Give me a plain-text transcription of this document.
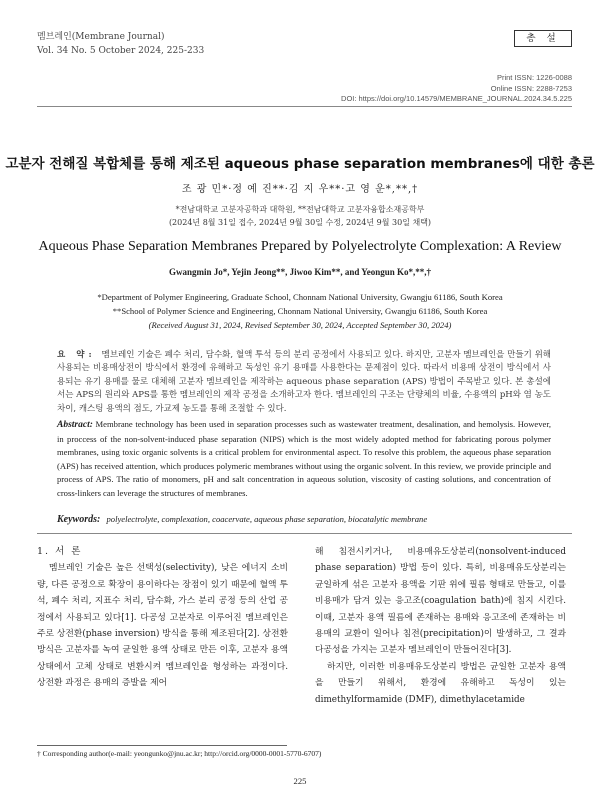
멤브레인(Membrane Journal)
Vol. 34 No. 5 October 2024, 225-233
총 설
Print ISSN: 1226-0088
Online ISSN: 2288-7253
DOI: https://doi.org/10.14579/MEMBRANE_JOURNAL.2024.34.5.225
고분자 전해질 복합체를 통해 제조된 aqueous phase separation membranes에 대한 총론
조 광 민*·정 예 진**·김 지 우**·고 영 운*,**,†
*전남대학교 고분자공학과 대학원, **전남대학교 고분자융합소재공학부
(2024년 8월 31일 접수, 2024년 9월 30일 수정, 2024년 9월 30일 채택)
Aqueous Phase Separation Membranes Prepared by Polyelectrolyte Complexation: A Review
Gwangmin Jo*, Yejin Jeong**, Jiwoo Kim**, and Yeongun Ko*,**,†
*Department of Polymer Engineering, Graduate School, Chonnam National University, Gwangju 61186, South Korea
**School of Polymer Science and Engineering, Chonnam National University, Gwangju 61186, South Korea
(Received August 31, 2024, Revised September 30, 2024, Accepted September 30, 2024)
요 약: 멤브레인 기술은 폐수 처리, 담수화, 혈액 투석 등의 분리 공정에서 사용되고 있다. 하지만, 고분자 멤브레인을 만들기 위해 사용되는 비용매상전이 방식에서 환경에 유해하고 독성인 유기 용매를 사용한다는 문제점이 있다. 따라서 비용매 상전이 방식에서 사용되는 유기 용매를 물로 대체해 고분자 멤브레인을 제작하는 aqueous phase separation (APS) 방법이 주목받고 있다. 본 총설에서는 APS의 원리와 APS를 통한 멤브레인의 제작 공정을 소개하고자 한다. 멤브레인의 구조는 단량체의 비율, 수용액의 pH와 염 농도 차이, 캐스팅 용액의 점도, 가교제 농도를 통해 조절할 수 있다.
Abstract: Membrane technology has been used in separation processes such as wastewater treatment, desalination, and hemolysis. However, in proccess of the non-solvent-induced phase separation (NIPS) which is the most widely adopted method for fabricating porous polymer membranes, using toxic organic solvents is a critical problem for environmental aspect. To resolve this problem, the aqueous phase separation (APS) has received attention, which produces polymeric membranes without using the organic solvent. In this review, we provide principle and process of APS. The ratio of monomers, pH and salt concentration in aqueous solution, viscosity of casting solutions, and concentration of cross-linkers can leverage the structures of membranes.
Keywords: polyelectrolyte, complexation, coacervate, aqueous phase separation, biocatalytic membrane

1. 서 론

멤브레인 기술은 높은 선택성(selectivity), 낮은 에너지 소비량, 다른 공정으로 확장이 용이하다는 장점이 있기 때문에 혈액 투석, 폐수 처리, 지표수 처리, 담수화, 가스 분리 공정 등의 산업 공정에서 사용되고 있다[1]. 다공성 고분자로 이루어진 멤브레인은 주로 상전환(phase inversion) 방식을 통해 제조된다[2]. 상전환 방식은 고분자를 녹여 균일한 용액 상태로 만든 이후, 고분자 용액 상태에서 고체 상태로 변환시켜 멤브레인을 형성하는 과정이다. 상전환 과정은 용매의 증발을 제어

해 침전시키거나, 비용매유도상분리(nonsolvent-induced phase separation) 방법 등이 있다. 특히, 비용매유도상분리는 균일하게 섞은 고분자 용액을 기판 위에 필름 형태로 만들고, 이를 비용매가 담겨 있는 응고조(coagulation bath)에 침지 시킨다. 이때, 고분자 용액 필름에 존재하는 용매와 응고조에 존재하는 비용매의 교환이 일어나 침전(precipitation)이 발생하고, 그 결과 다공성을 가지는 고분자 멤브레인이 만들어진다[3].

하지만, 이러한 비용매유도상분리 방법은 균일한 고분자 용액을 만들기 위해서, 환경에 유해하고 독성이 있는 dimethylformamide (DMF), dimethylacetamide

† Corresponding author(e-mail: yeongunko@jnu.ac.kr; http://orcid.org/0000-0001-5770-6707)
225
